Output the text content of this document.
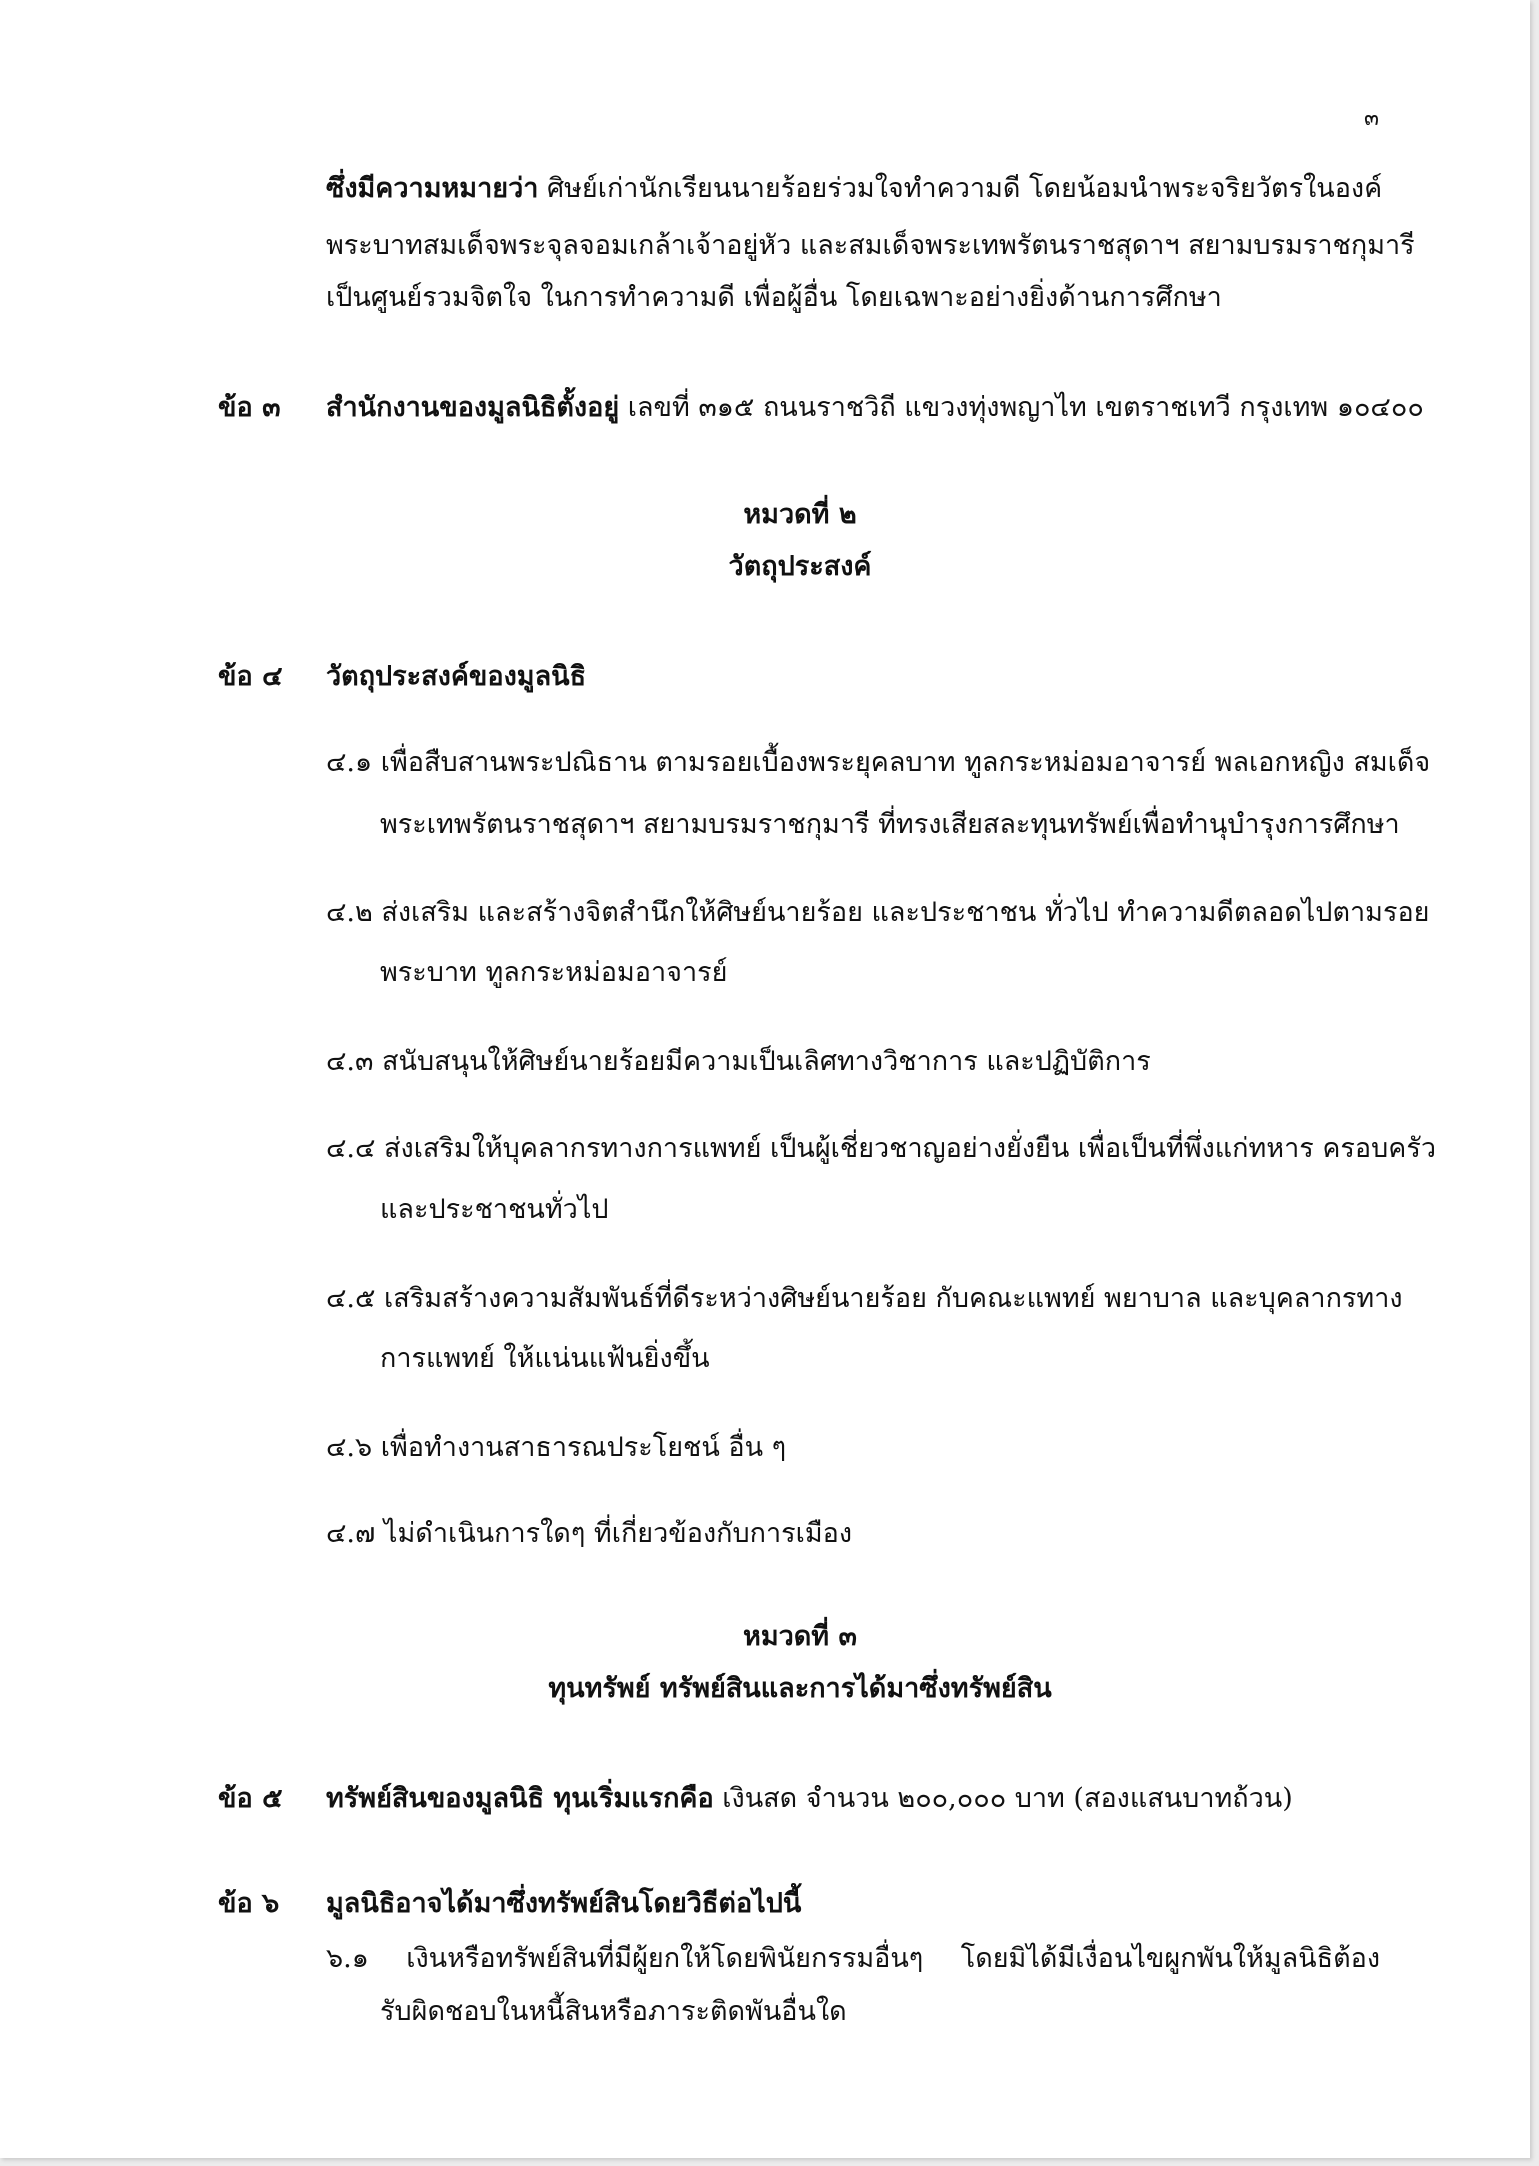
๓
ซึ่งมีความหมายว่า ศิษย์เก่านักเรียนนายร้อยร่วมใจทำความดี โดยน้อมนำพระจริยวัตรในองค์
พระบาทสมเด็จพระจุลจอมเกล้าเจ้าอยู่หัว และสมเด็จพระเทพรัตนราชสุดาฯ สยามบรมราชกุมารี
เป็นศูนย์รวมจิตใจ ในการทำความดี เพื่อผู้อื่น โดยเฉพาะอย่างยิ่งด้านการศึกษา
ข้อ ๓ สำนักงานของมูลนิธิตั้งอยู่ เลขที่ ๓๑๕ ถนนราชวิถี แขวงทุ่งพญาไท เขตราชเทวี กรุงเทพ ๑๐๔๐๐
หมวดที่ ๒
วัตถุประสงค์
ข้อ ๔ วัตถุประสงค์ของมูลนิธิ
๔.๑ เพื่อสืบสานพระปณิธาน ตามรอยเบื้องพระยุคลบาท ทูลกระหม่อมอาจารย์ พลเอกหญิง สมเด็จ
พระเทพรัตนราชสุดาฯ สยามบรมราชกุมารี ที่ทรงเสียสละทุนทรัพย์เพื่อทำนุบำรุงการศึกษา
๔.๒ ส่งเสริม และสร้างจิตสำนึกให้ศิษย์นายร้อย และประชาชน ทั่วไป ทำความดีตลอดไปตามรอย
พระบาท ทูลกระหม่อมอาจารย์
๔.๓ สนับสนุนให้ศิษย์นายร้อยมีความเป็นเลิศทางวิชาการ และปฏิบัติการ
๔.๔ ส่งเสริมให้บุคลากรทางการแพทย์ เป็นผู้เชี่ยวชาญอย่างยั่งยืน เพื่อเป็นที่พึ่งแก่ทหาร ครอบครัว
และประชาชนทั่วไป
๔.๕ เสริมสร้างความสัมพันธ์ที่ดีระหว่างศิษย์นายร้อย กับคณะแพทย์ พยาบาล และบุคลากรทาง
การแพทย์ ให้แน่นแฟ้นยิ่งขึ้น
๔.๖ เพื่อทำงานสาธารณประโยชน์ อื่น ๆ
๔.๗ ไม่ดำเนินการใดๆ ที่เกี่ยวข้องกับการเมือง
หมวดที่ ๓
ทุนทรัพย์ ทรัพย์สินและการได้มาซึ่งทรัพย์สิน
ข้อ ๕ ทรัพย์สินของมูลนิธิ ทุนเริ่มแรกคือ เงินสด จำนวน ๒๐๐,๐๐๐ บาท (สองแสนบาทถ้วน)
ข้อ ๖ มูลนิธิอาจได้มาซึ่งทรัพย์สินโดยวิธีต่อไปนี้
๖.๑ เงินหรือทรัพย์สินที่มีผู้ยกให้โดยพินัยกรรมอื่นๆ โดยมิได้มีเงื่อนไขผูกพันให้มูลนิธิต้อง
รับผิดชอบในหนี้สินหรือภาระติดพันอื่นใด
